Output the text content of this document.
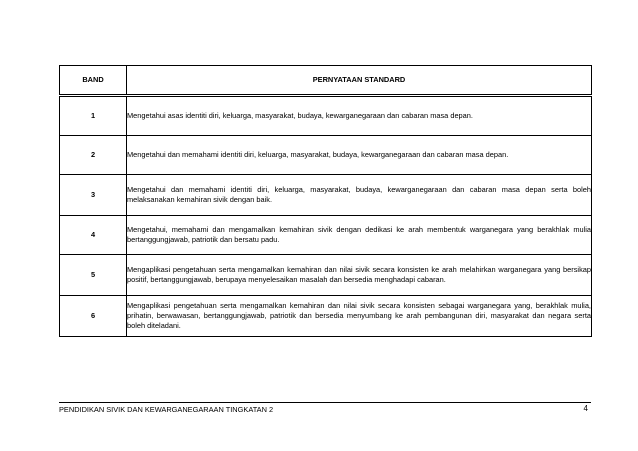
BAND	PERNYATAAN STANDARD
1	Mengetahui asas identiti diri, keluarga, masyarakat, budaya, kewarganegaraan dan cabaran masa depan.
2	Mengetahui dan memahami identiti diri, keluarga, masyarakat, budaya, kewarganegaraan dan cabaran masa depan.
3	Mengetahui dan memahami identiti diri, keluarga, masyarakat, budaya, kewarganegaraan dan cabaran masa depan serta boleh melaksanakan kemahiran sivik dengan baik.
4	Mengetahui, memahami dan mengamalkan kemahiran sivik dengan dedikasi ke arah membentuk warganegara yang berakhlak mulia bertanggungjawab, patriotik dan bersatu padu.
5	Mengaplikasi pengetahuan serta mengamalkan kemahiran dan nilai sivik secara konsisten ke arah melahirkan warganegara yang bersikap positif, bertanggungjawab, berupaya menyelesaikan masalah dan bersedia menghadapi cabaran.
6	Mengaplikasi pengetahuan serta mengamalkan kemahiran dan nilai sivik secara konsisten sebagai warganegara yang, berakhlak mulia, prihatin, berwawasan, bertanggungjawab, patriotik dan bersedia menyumbang ke arah pembangunan diri, masyarakat dan negara serta boleh diteladani.
PENDIDIKAN SIVIK DAN KEWARGANEGARAAN TINGKATAN 2	4
